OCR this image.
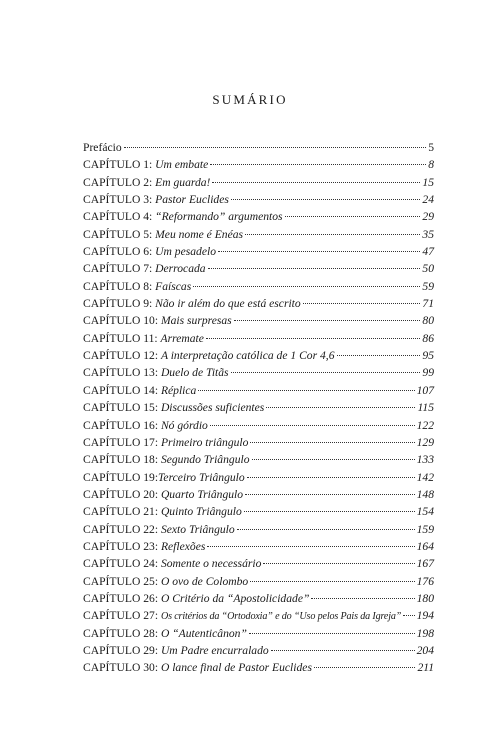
SUMÁRIO
Prefácio	5
CAPÍTULO 1: Um embate	8
CAPÍTULO 2: Em guarda!	15
CAPÍTULO 3: Pastor Euclides	24
CAPÍTULO 4: “Reformando” argumentos	29
CAPÍTULO 5: Meu nome é Enéas	35
CAPÍTULO 6: Um pesadelo	47
CAPÍTULO 7: Derrocada	50
CAPÍTULO 8: Faíscas	59
CAPÍTULO 9: Não ir além do que está escrito	71
CAPÍTULO 10: Mais surpresas	80
CAPÍTULO 11: Arremate	86
CAPÍTULO 12: A interpretação católica de 1 Cor 4,6	95
CAPÍTULO 13: Duelo de Titãs	99
CAPÍTULO 14: Réplica	107
CAPÍTULO 15: Discussões suficientes	115
CAPÍTULO 16: Nó górdio	122
CAPÍTULO 17: Primeiro triângulo	129
CAPÍTULO 18: Segundo Triângulo	133
CAPÍTULO 19: Terceiro Triângulo	142
CAPÍTULO 20: Quarto Triângulo	148
CAPÍTULO 21: Quinto Triângulo	154
CAPÍTULO 22: Sexto Triângulo	159
CAPÍTULO 23: Reflexões	164
CAPÍTULO 24: Somente o necessário	167
CAPÍTULO 25: O ovo de Colombo	176
CAPÍTULO 26: O Critério da “Apostolicidade”	180
CAPÍTULO 27: Os critérios da “Ortodoxia” e do “Uso pelos Pais da Igreja” 194
CAPÍTULO 28: O “Autenticânon”	198
CAPÍTULO 29: Um Padre encurralado	204
CAPÍTULO 30: O lance final de Pastor Euclides	211
